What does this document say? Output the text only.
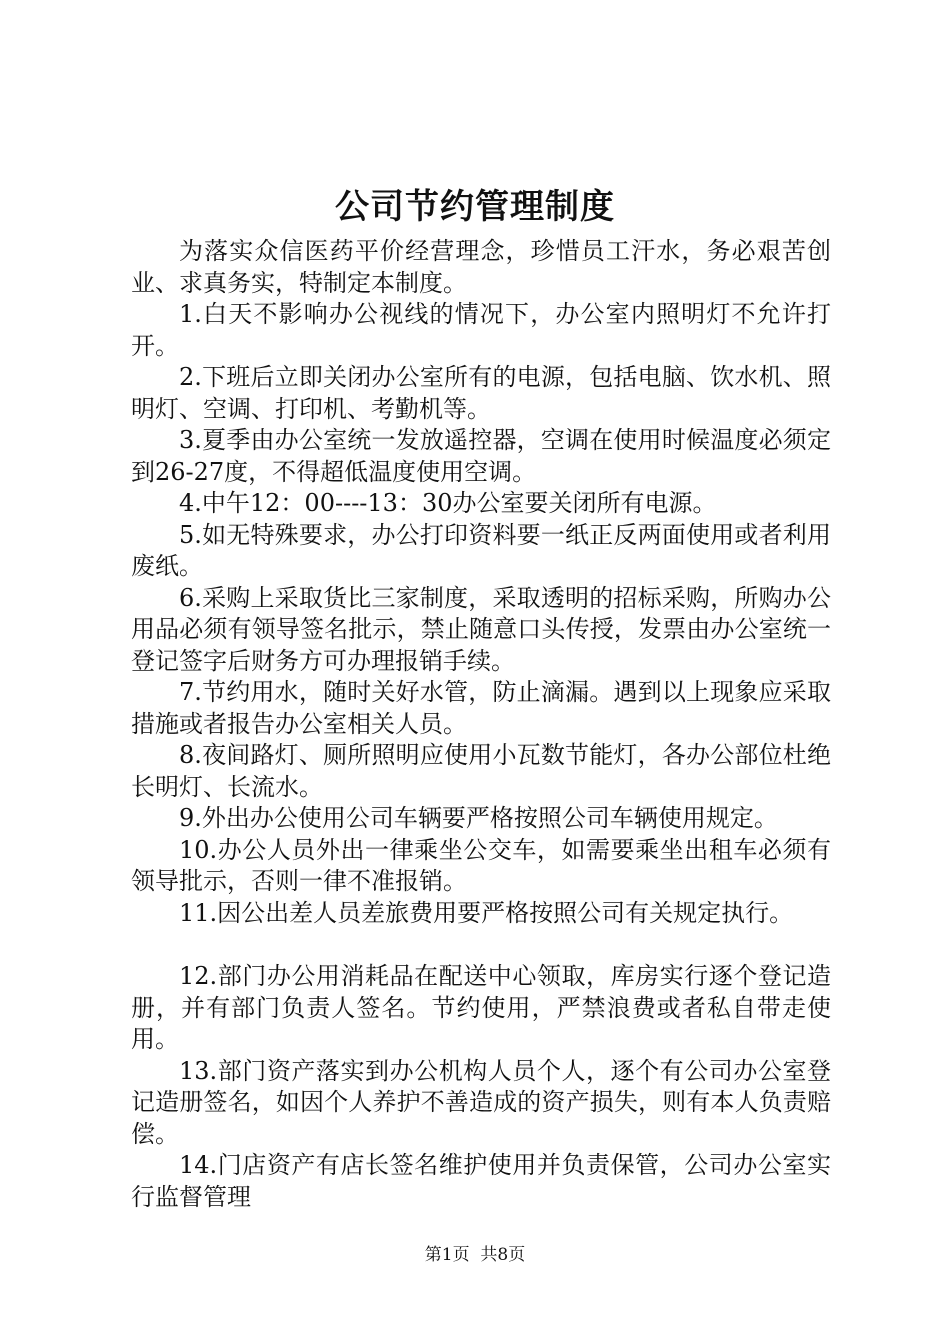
公司节约管理制度

为落实众信医药平价经营理念，珍惜员工汗水，务必艰苦创业、求真务实，特制定本制度。

1.白天不影响办公视线的情况下，办公室内照明灯不允许打开。

2.下班后立即关闭办公室所有的电源，包括电脑、饮水机、照明灯、空调、打印机、考勤机等。

3.夏季由办公室统一发放遥控器，空调在使用时候温度必须定到26-27度，不得超低温度使用空调。

4.中午12：00----13：30办公室要关闭所有电源。

5.如无特殊要求，办公打印资料要一纸正反两面使用或者利用废纸。

6.采购上采取货比三家制度，采取透明的招标采购，所购办公用品必须有领导签名批示，禁止随意口头传授，发票由办公室统一登记签字后财务方可办理报销手续。

7.节约用水，随时关好水管，防止滴漏。遇到以上现象应采取措施或者报告办公室相关人员。

8.夜间路灯、厕所照明应使用小瓦数节能灯，各办公部位杜绝长明灯、长流水。

9.外出办公使用公司车辆要严格按照公司车辆使用规定。

10.办公人员外出一律乘坐公交车，如需要乘坐出租车必须有领导批示，否则一律不准报销。

11.因公出差人员差旅费用要严格按照公司有关规定执行。

12.部门办公用消耗品在配送中心领取，库房实行逐个登记造册，并有部门负责人签名。节约使用，严禁浪费或者私自带走使用。

13.部门资产落实到办公机构人员个人，逐个有公司办公室登记造册签名，如因个人养护不善造成的资产损失，则有本人负责赔偿。

14.门店资产有店长签名维护使用并负责保管，公司办公室实行监督管理

第1页 共8页
